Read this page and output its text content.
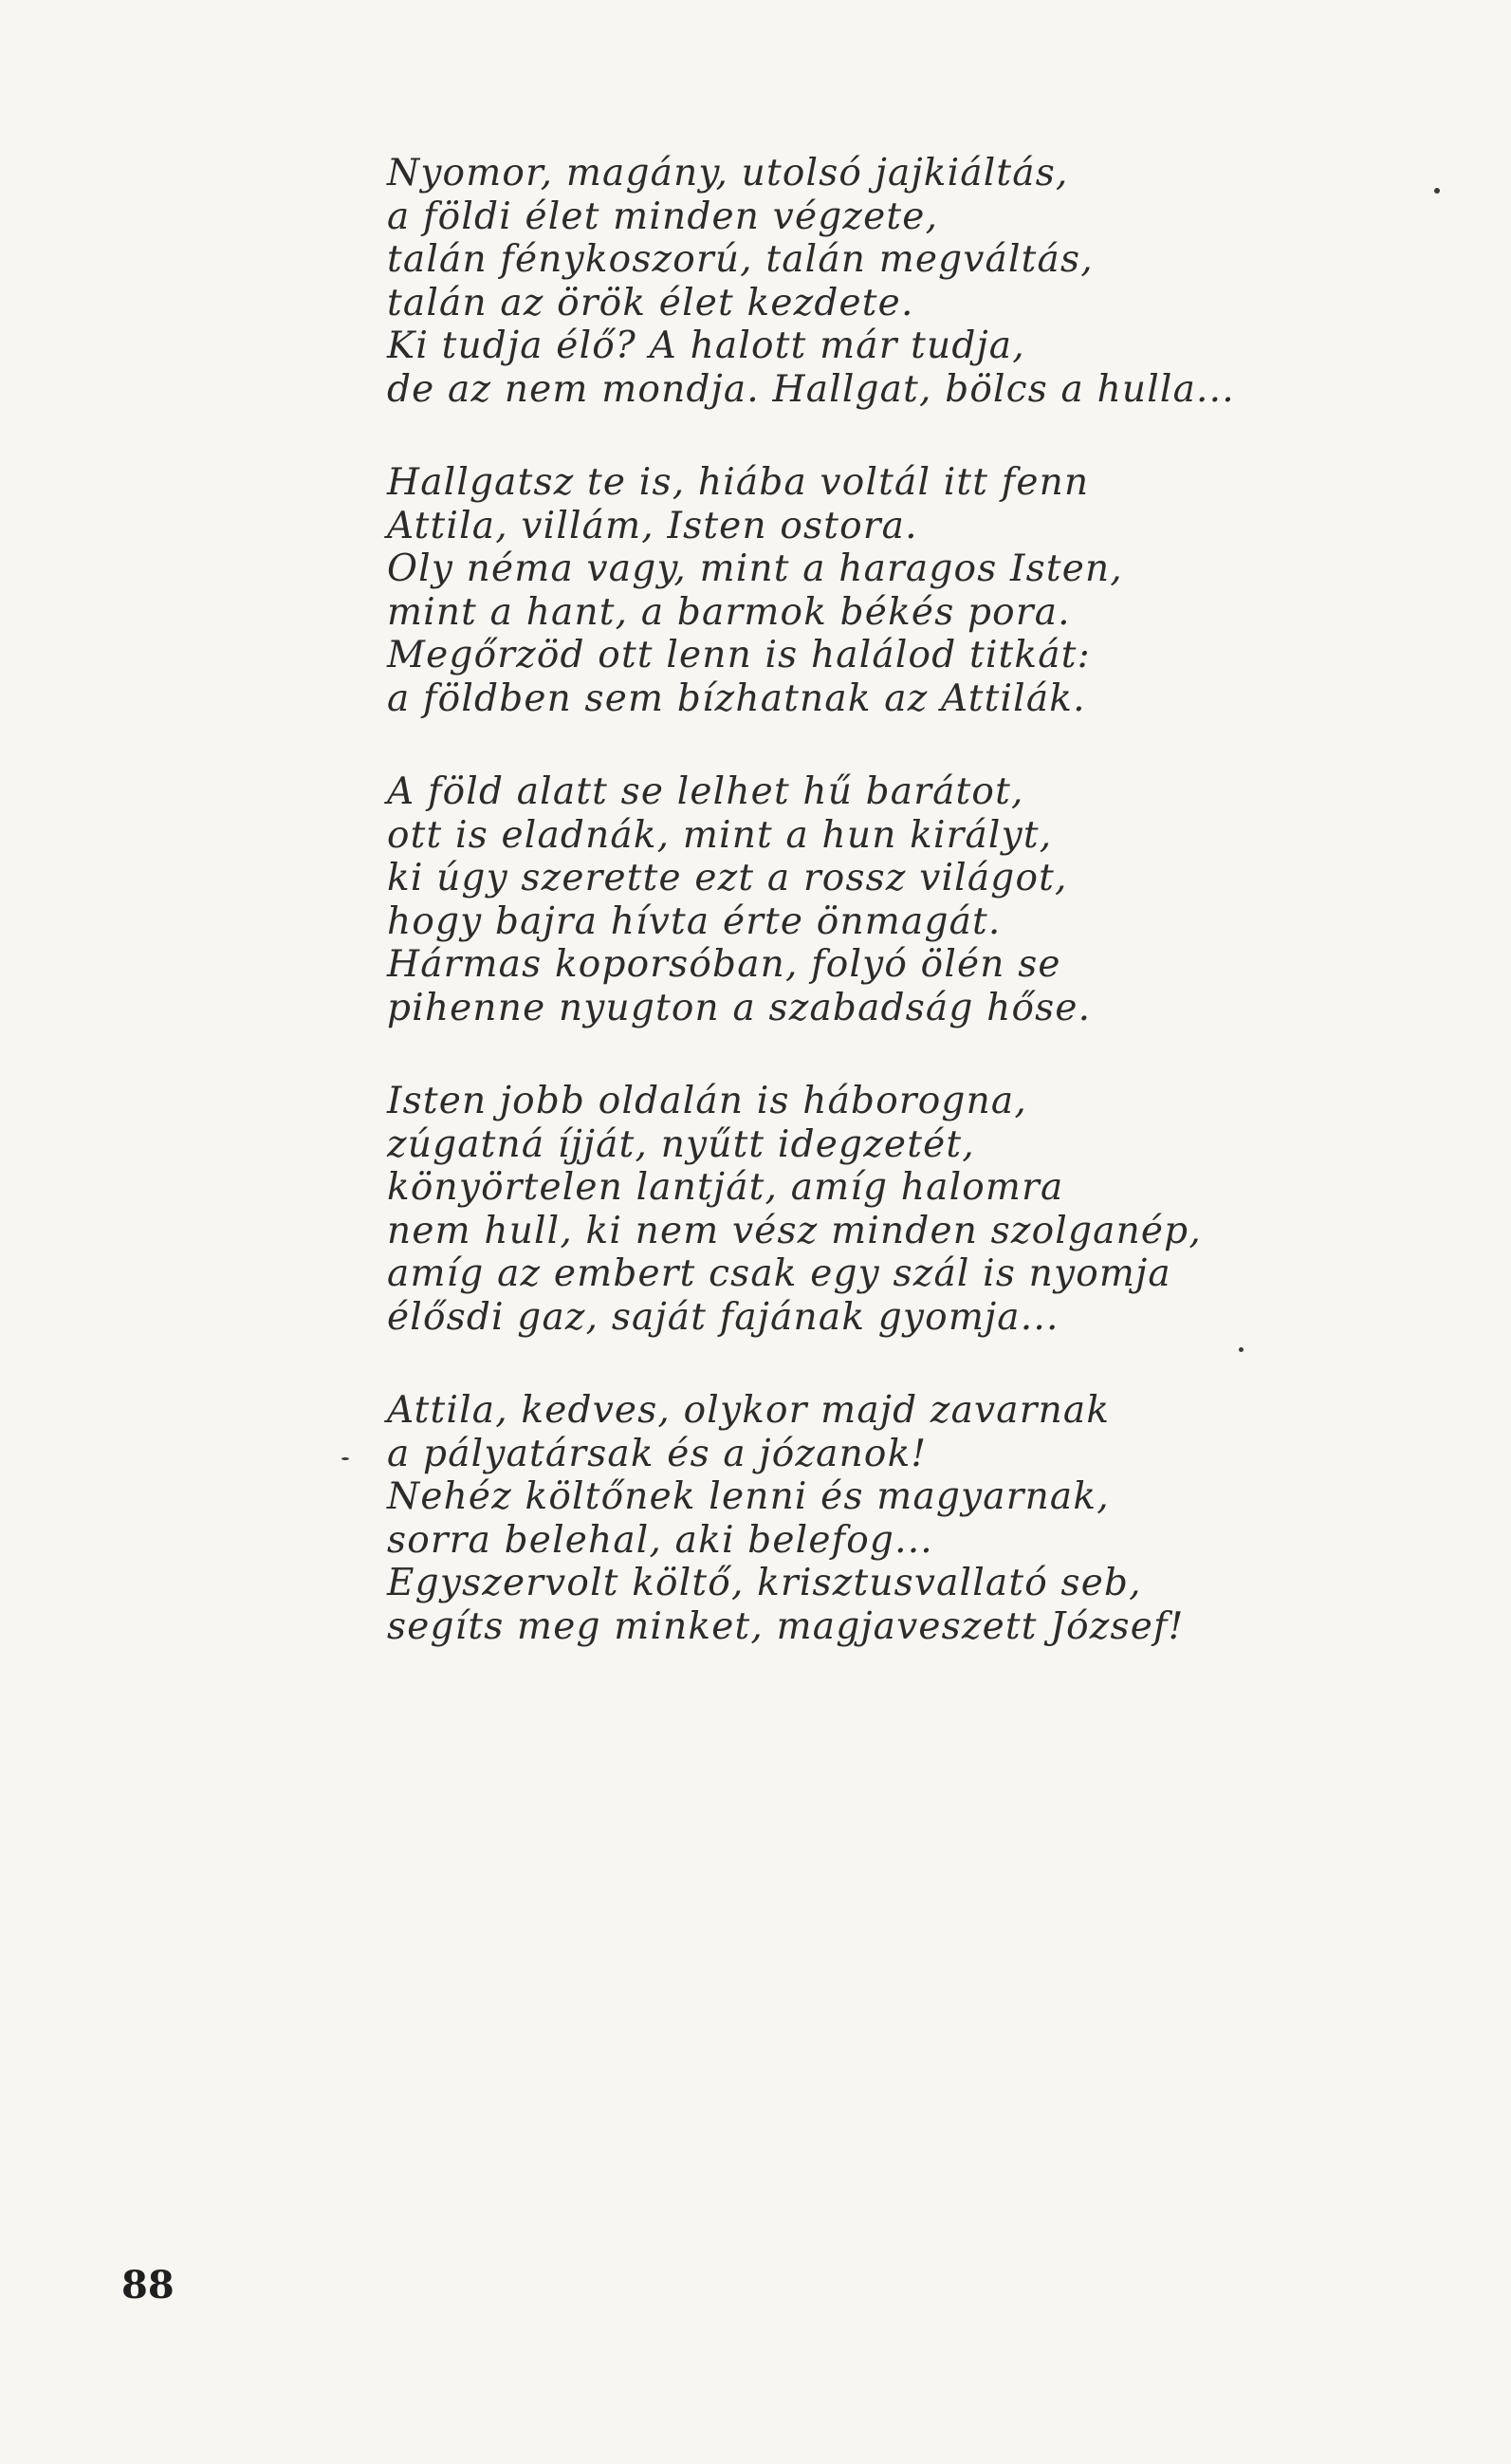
Nyomor, magány, utolsó jajkiáltás,
a földi élet minden végzete,
talán fénykoszorú, talán megváltás,
talán az örök élet kezdete.
Ki tudja élő? A halott már tudja,
de az nem mondja. Hallgat, bölcs a hulla...
Hallgatsz te is, hiába voltál itt fenn
Attila, villám, Isten ostora.
Oly néma vagy, mint a haragos Isten,
mint a hant, a barmok békés pora.
Megőrzöd ott lenn is halálod titkát:
a földben sem bízhatnak az Attilák.
A föld alatt se lelhet hű barátot,
ott is eladnák, mint a hun királyt,
ki úgy szerette ezt a rossz világot,
hogy bajra hívta érte önmagát.
Hármas koporsóban, folyó ölén se
pihenne nyugton a szabadság hőse.
Isten jobb oldalán is háborogna,
zúgatná íjját, nyűtt idegzetét,
könyörtelen lantját, amíg halomra
nem hull, ki nem vész minden szolganép,
amíg az embert csak egy szál is nyomja
élősdi gaz, saját fajának gyomja...
Attila, kedves, olykor majd zavarnak
a pályatársak és a józanok!
Nehéz költőnek lenni és magyarnak,
sorra belehal, aki belefog...
Egyszervolt költő, krisztusvallató seb,
segíts meg minket, magjaveszett József!
88
